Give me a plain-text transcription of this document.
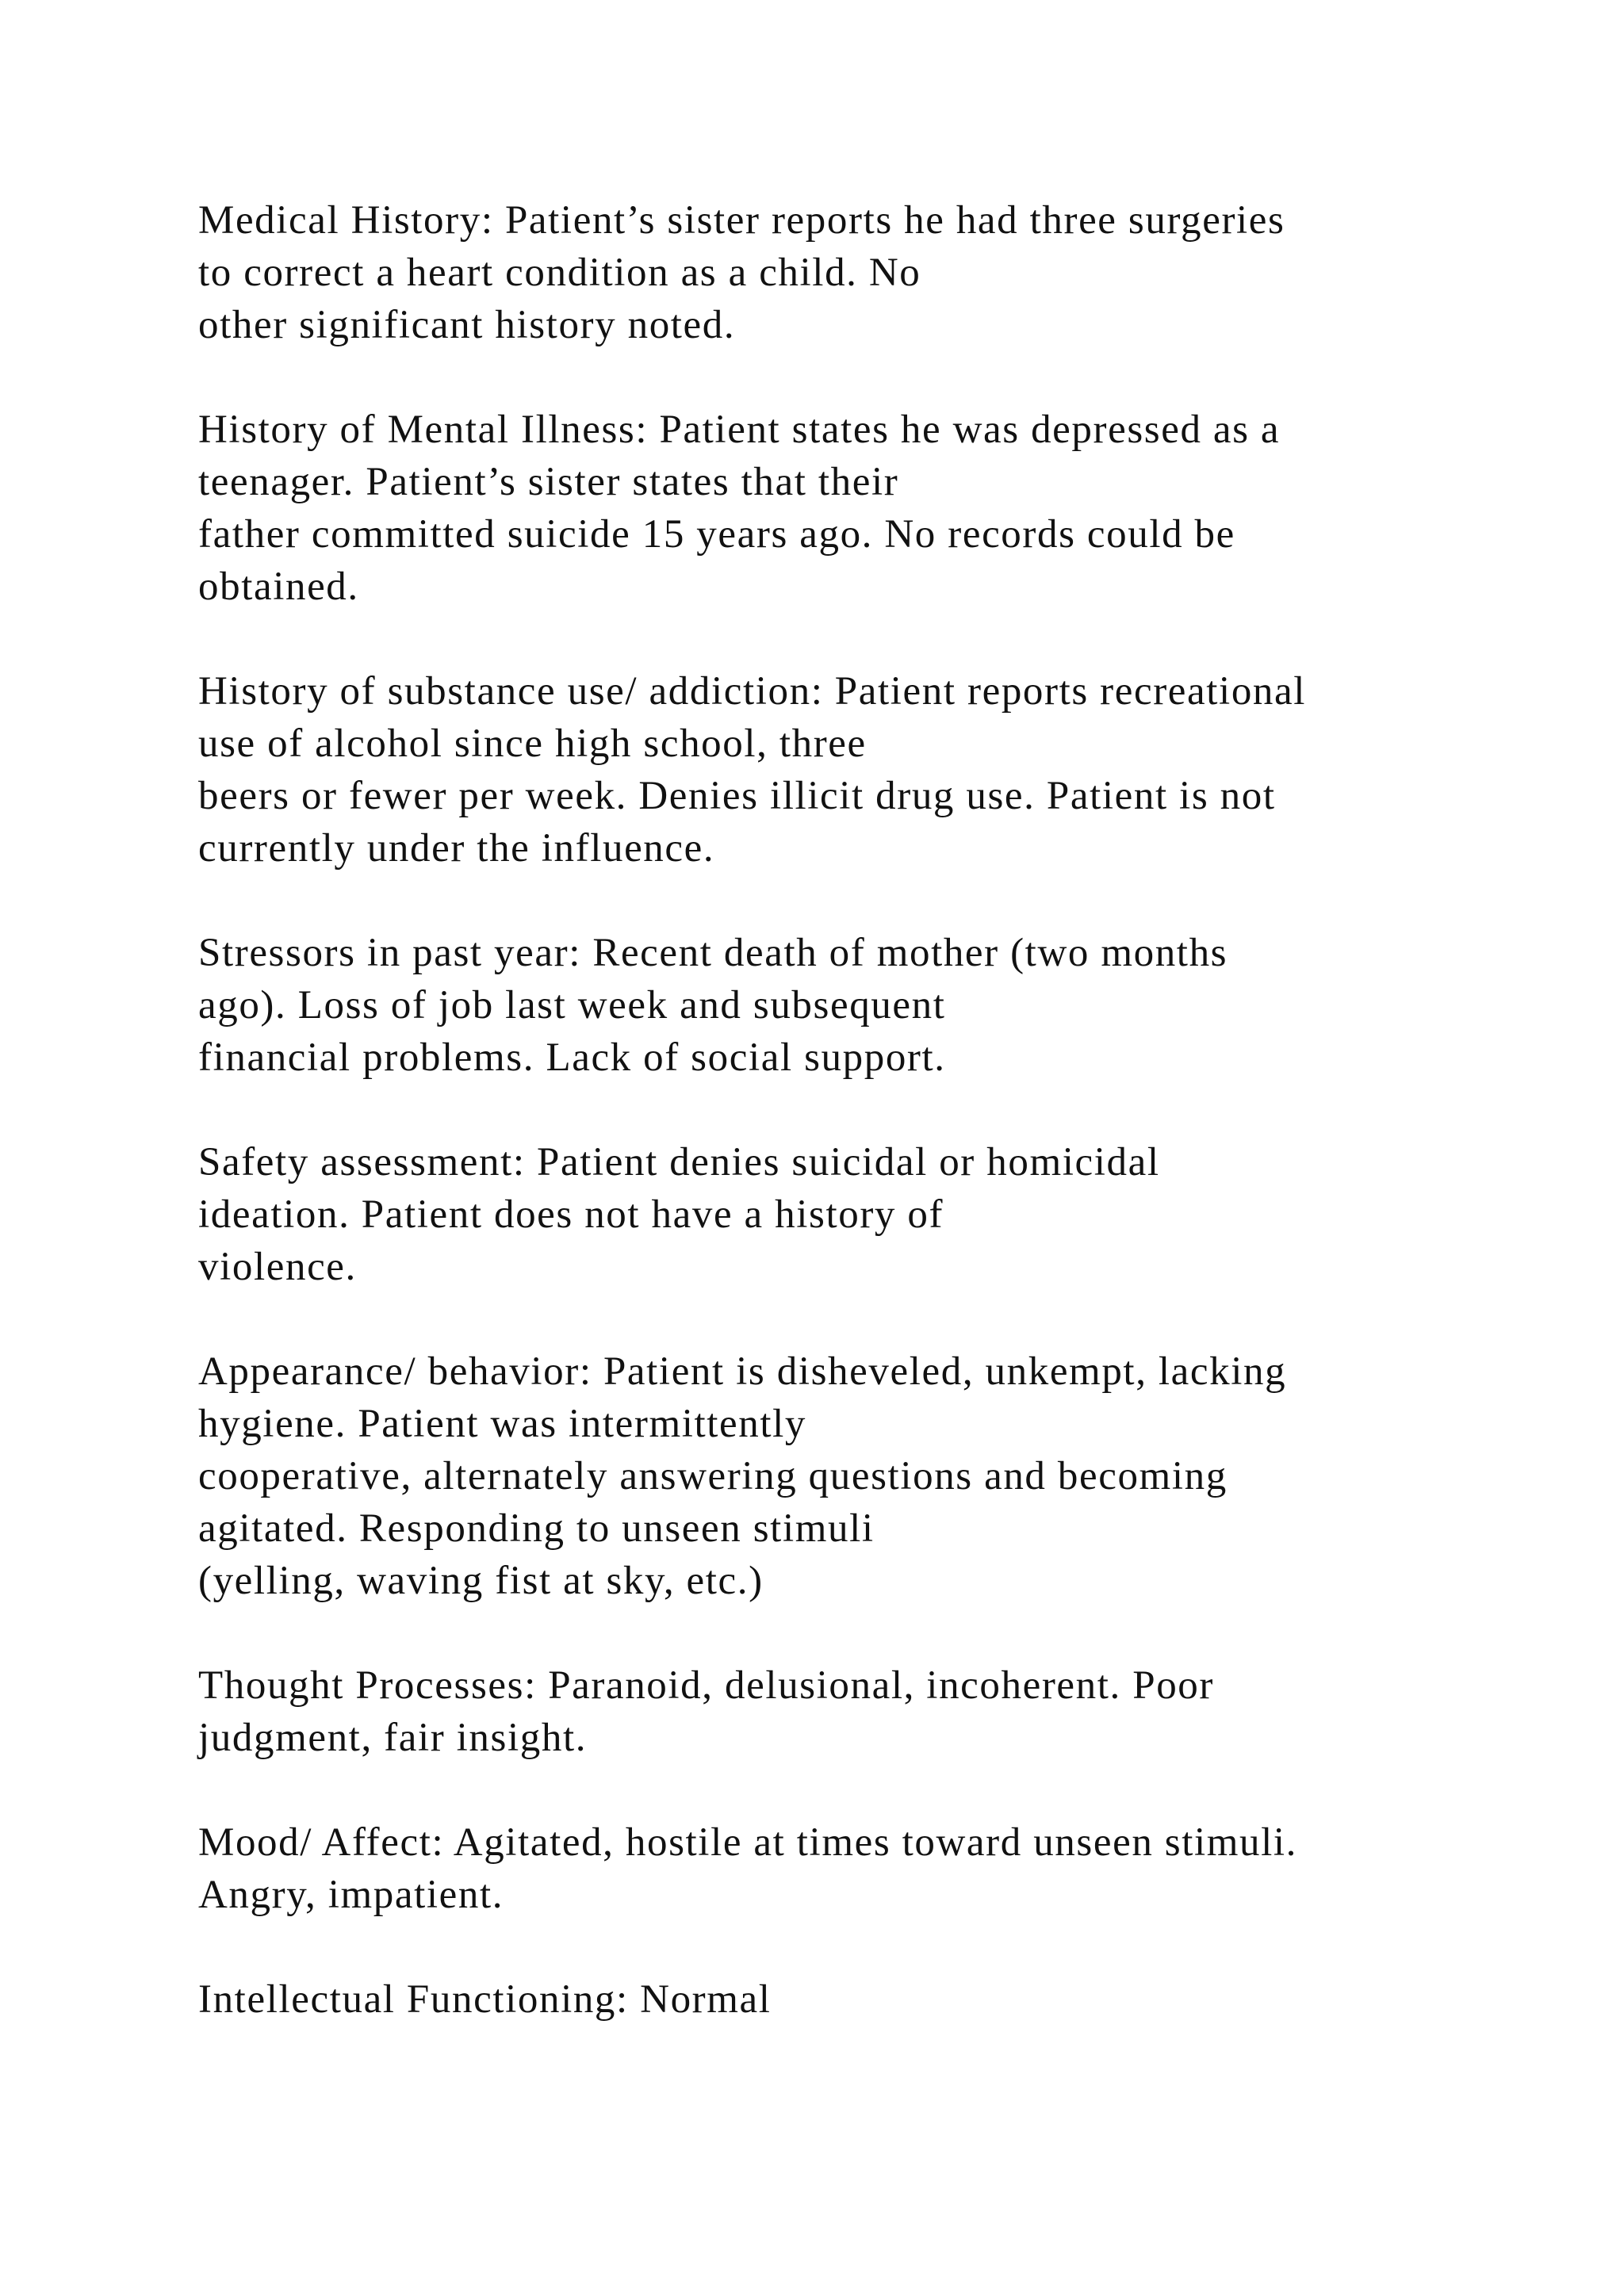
Medical History: Patient’s sister reports he had three surgeries
to correct a heart condition as a child. No
other significant history noted.

History of Mental Illness: Patient states he was depressed as a
teenager. Patient’s sister states that their
father committed suicide 15 years ago. No records could be
obtained.

History of substance use/ addiction: Patient reports recreational
use of alcohol since high school, three
beers or fewer per week. Denies illicit drug use. Patient is not
currently under the influence.

Stressors in past year: Recent death of mother (two months
ago). Loss of job last week and subsequent
financial problems. Lack of social support.

Safety assessment: Patient denies suicidal or homicidal
ideation. Patient does not have a history of
violence.

Appearance/ behavior: Patient is disheveled, unkempt, lacking
hygiene. Patient was intermittently
cooperative, alternately answering questions and becoming
agitated. Responding to unseen stimuli
(yelling, waving fist at sky, etc.)

Thought Processes: Paranoid, delusional, incoherent. Poor
judgment, fair insight.

Mood/ Affect: Agitated, hostile at times toward unseen stimuli.
Angry, impatient.

Intellectual Functioning: Normal
